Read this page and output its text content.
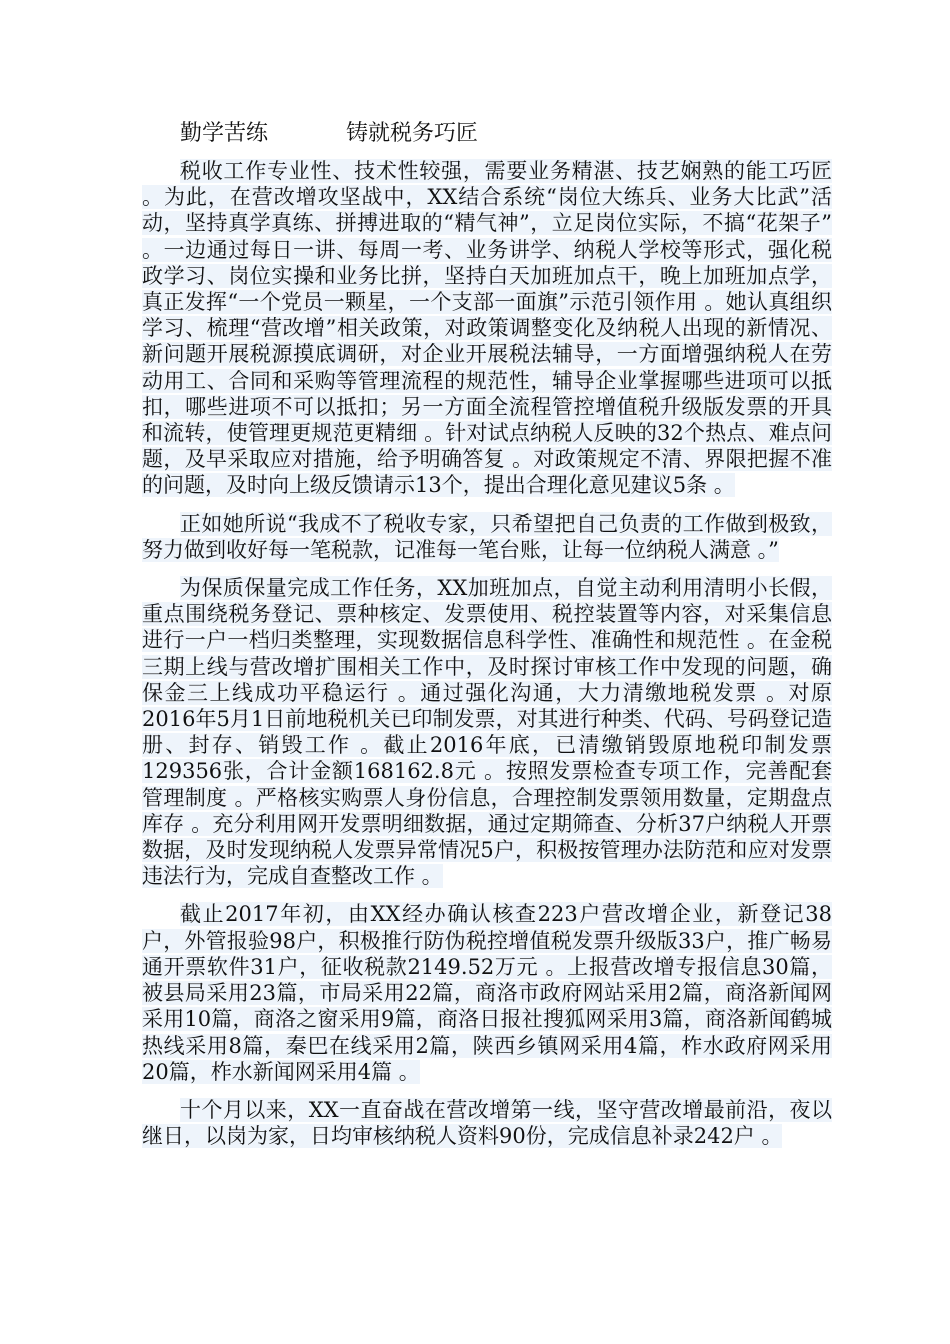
勤学苦练	铸就税务巧匠

税收工作专业性、技术性较强，需要业务精湛、技艺娴熟的能工巧匠 。为此，在营改增攻坚战中，XX结合系统“岗位大练兵、业务大比武”活动，坚持真学真练、拼搏进取的“精气神”，立足岗位实际，不搞“花架子” 。一边通过每日一讲、每周一考、业务讲学、纳税人学校等形式，强化税政学习、岗位实操和业务比拼，坚持白天加班加点干，晚上加班加点学，真正发挥“一个党员一颗星，一个支部一面旗”示范引领作用 。她认真组织学习、梳理“营改增”相关政策，对政策调整变化及纳税人出现的新情况、新问题开展税源摸底调研，对企业开展税法辅导，一方面增强纳税人在劳动用工、合同和采购等管理流程的规范性，辅导企业掌握哪些进项可以抵扣，哪些进项不可以抵扣；另一方面全流程管控增值税升级版发票的开具和流转，使管理更规范更精细 。针对试点纳税人反映的32个热点、难点问题，及早采取应对措施，给予明确答复 。对政策规定不清、界限把握不准的问题，及时向上级反馈请示13个，提出合理化意见建议5条 。

正如她所说“我成不了税收专家，只希望把自己负责的工作做到极致，努力做到收好每一笔税款，记准每一笔台账，让每一位纳税人满意 。”

为保质保量完成工作任务，XX加班加点，自觉主动利用清明小长假，重点围绕税务登记、票种核定、发票使用、税控装置等内容，对采集信息进行一户一档归类整理，实现数据信息科学性、准确性和规范性 。在金税三期上线与营改增扩围相关工作中，及时探讨审核工作中发现的问题，确保金三上线成功平稳运行 。通过强化沟通，大力清缴地税发票 。对原2016年5月1日前地税机关已印制发票，对其进行种类、代码、号码登记造册、封存、销毁工作 。截止2016年底，已清缴销毁原地税印制发票129356张，合计金额168162.8元 。按照发票检查专项工作，完善配套管理制度 。严格核实购票人身份信息，合理控制发票领用数量，定期盘点库存 。充分利用网开发票明细数据，通过定期筛查、分析37户纳税人开票数据，及时发现纳税人发票异常情况5户，积极按管理办法防范和应对发票违法行为，完成自查整改工作 。

截止2017年初，由XX经办确认核查223户营改增企业，新登记38户，外管报验98户，积极推行防伪税控增值税发票升级版33户，推广畅易通开票软件31户，征收税款2149.52万元 。上报营改增专报信息30篇，被县局采用23篇，市局采用22篇，商洛市政府网站采用2篇，商洛新闻网采用10篇，商洛之窗采用9篇，商洛日报社搜狐网采用3篇，商洛新闻鹤城热线采用8篇，秦巴在线采用2篇，陕西乡镇网采用4篇，柞水政府网采用20篇，柞水新闻网采用4篇 。

十个月以来，XX一直奋战在营改增第一线，坚守营改增最前沿，夜以继日，以岗为家，日均审核纳税人资料90份，完成信息补录242户 。
